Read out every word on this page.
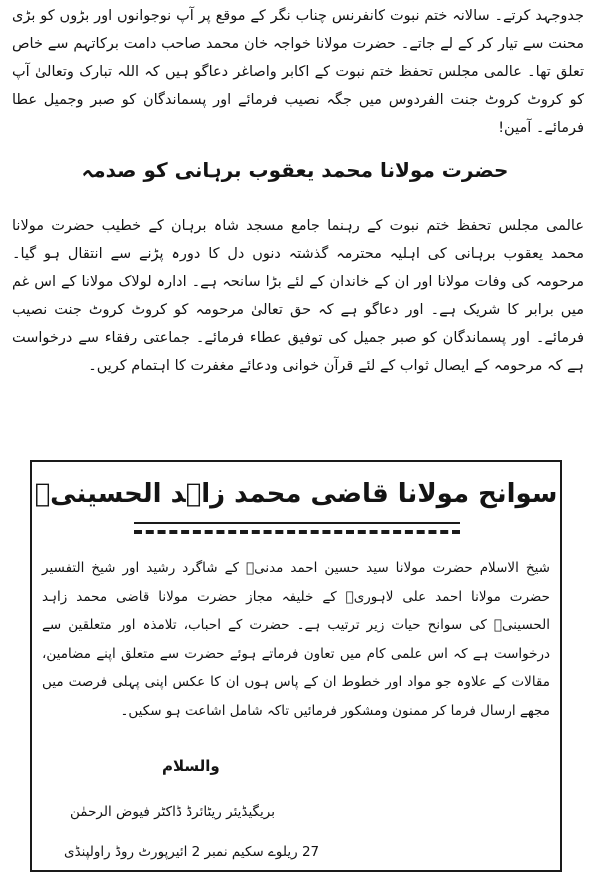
جدوجہد کرتے۔ سالانہ ختم نبوت کانفرنس چناب نگر کے موقع پر آپ نوجوانوں اور بڑوں کو بڑی محنت سے تیار کر کے لے جاتے۔ حضرت مولانا خواجہ خان محمد صاحب دامت برکاتہم سے خاص تعلق تھا۔ عالمی مجلس تحفظ ختم نبوت کے اکابر واصاغر دعاگو ہیں کہ اللہ تبارک وتعالیٰ آپ کو کروٹ کروٹ جنت الفردوس میں جگہ نصیب فرمائے اور پسماندگان کو صبر وجمیل عطا فرمائے۔ آمین!

حضرت مولانا محمد یعقوب برہانی کو صدمہ

عالمی مجلس تحفظ ختم نبوت کے رہنما جامع مسجد شاہ برہان کے خطیب حضرت مولانا محمد یعقوب برہانی کی اہلیہ محترمہ گذشتہ دنوں دل کا دورہ پڑنے سے انتقال ہو گیا۔ مرحومہ کی وفات مولانا اور ان کے خاندان کے لئے بڑا سانحہ ہے۔ ادارہ لولاک مولانا کے اس غم میں برابر کا شریک ہے۔ اور دعاگو ہے کہ حق تعالیٰ مرحومہ کو کروٹ کروٹ جنت نصیب فرمائے۔ اور پسماندگان کو صبر جمیل کی توفیق عطاء فرمائے۔ جماعتی رفقاء سے درخواست ہے کہ مرحومہ کے ایصال ثواب کے لئے قرآن خوانی ودعائے مغفرت کا اہتمام کریں۔

سوانح مولانا قاضی محمد زاہد الحسینیؒ

شیخ الاسلام حضرت مولانا سید حسین احمد مدنیؒ کے شاگرد رشید اور شیخ التفسیر حضرت مولانا احمد علی لاہوریؒ کے خلیفہ مجاز حضرت مولانا قاضی محمد زاہد الحسینیؒ کی سوانح حیات زیر ترتیب ہے۔ حضرت کے احباب، تلامذہ اور متعلقین سے درخواست ہے کہ اس علمی کام میں تعاون فرماتے ہوئے حضرت سے متعلق اپنے مضامین، مقالات کے علاوہ جو مواد اور خطوط ان کے پاس ہوں ان کا عکس اپنی پہلی فرصت میں مجھے ارسال فرما کر ممنون ومشکور فرمائیں تاکہ شامل اشاعت ہو سکیں۔

والسلام
بریگیڈیئر ریٹائرڈ ڈاکٹر فیوض الرحمٰن
27 ریلوے سکیم نمبر 2 ائیرپورٹ روڈ راولپنڈی
